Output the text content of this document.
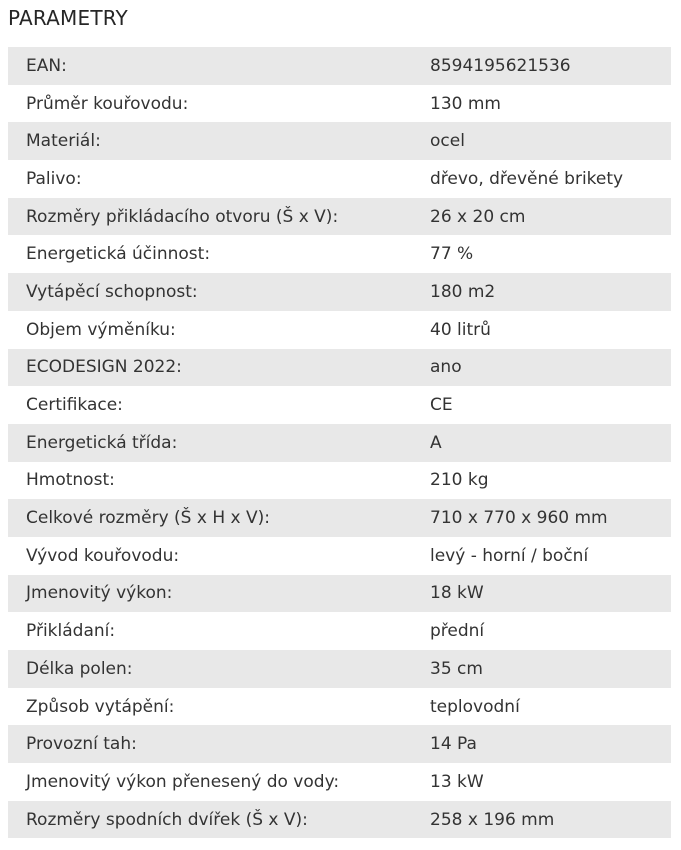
PARAMETRY
EAN:	8594195621536
Průměr kouřovodu:	130 mm
Materiál:	ocel
Palivo:	dřevo, dřevěné brikety
Rozměry přikládacího otvoru (Š x V):	26 x 20 cm
Energetická účinnost:	77 %
Vytápěcí schopnost:	180 m2
Objem výměníku:	40 litrů
ECODESIGN 2022:	ano
Certifikace:	CE
Energetická třída:	A
Hmotnost:	210 kg
Celkové rozměry (Š x H x V):	710 x 770 x 960 mm
Vývod kouřovodu:	levý - horní / boční
Jmenovitý výkon:	18 kW
Přikládaní:	přední
Délka polen:	35 cm
Způsob vytápění:	teplovodní
Provozní tah:	14 Pa
Jmenovitý výkon přenesený do vody:	13 kW
Rozměry spodních dvířek (Š x V):	258 x 196 mm
